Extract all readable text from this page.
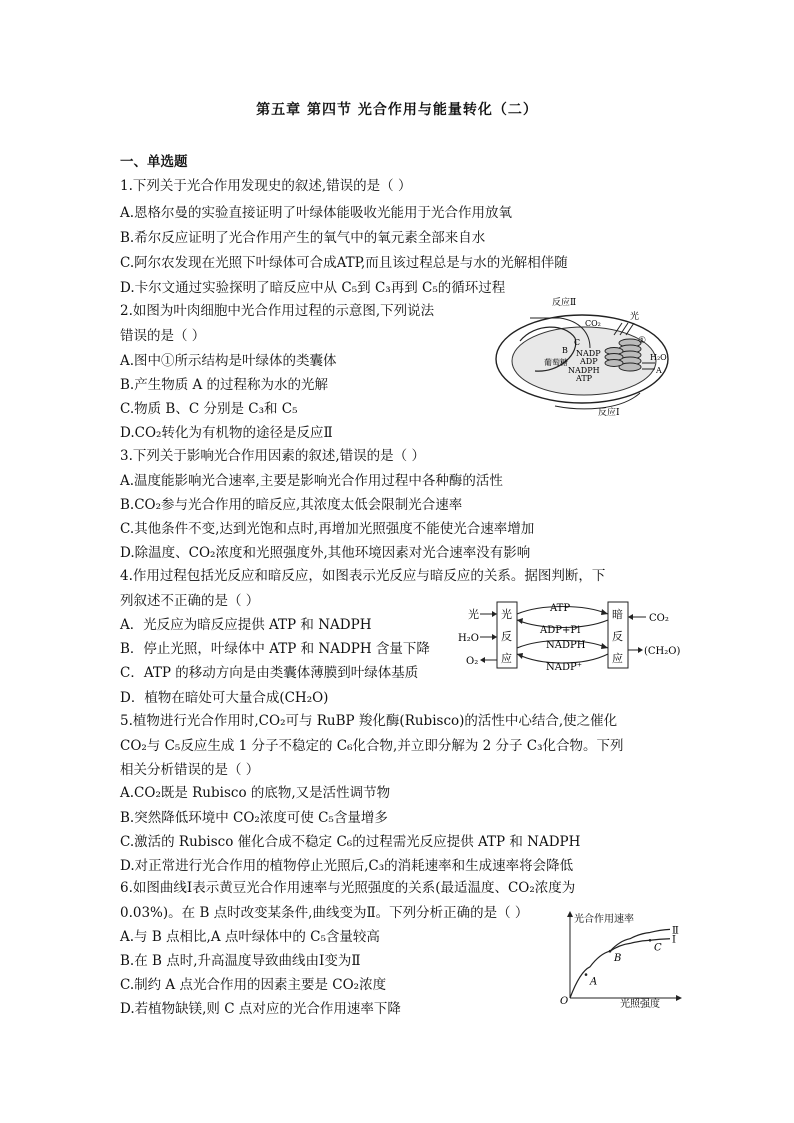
第五章 第四节 光合作用与能量转化（二）
一、单选题
1.下列关于光合作用发现史的叙述,错误的是（ ）
A.恩格尔曼的实验直接证明了叶绿体能吸收光能用于光合作用放氧
B.希尔反应证明了光合作用产生的氧气中的氧元素全部来自水
C.阿尔农发现在光照下叶绿体可合成ATP,而且该过程总是与水的光解相伴随
D.卡尔文通过实验探明了暗反应中从 C₅到 C₃再到 C₅的循环过程
2.如图为叶肉细胞中光合作用过程的示意图,下列说法
错误的是（ ）
A.图中①所示结构是叶绿体的类囊体
B.产生物质 A 的过程称为水的光解
C.物质 B、C 分别是 C₃和 C₅
D.CO₂转化为有机物的途径是反应Ⅱ
3.下列关于影响光合作用因素的叙述,错误的是（ ）
A.温度能影响光合速率,主要是影响光合作用过程中各种酶的活性
B.CO₂参与光合作用的暗反应,其浓度太低会限制光合速率
C.其他条件不变,达到光饱和点时,再增加光照强度不能使光合速率增加
D.除温度、CO₂浓度和光照强度外,其他环境因素对光合速率没有影响
4.作用过程包括光反应和暗反应，如图表示光反应与暗反应的关系。据图判断，下
列叙述不正确的是（ ）
A．光反应为暗反应提供 ATP 和 NADPH
B．停止光照，叶绿体中 ATP 和 NADPH 含量下降
C．ATP 的移动方向是由类囊体薄膜到叶绿体基质
D．植物在暗处可大量合成(CH₂O)
5.植物进行光合作用时,CO₂可与 RuBP 羧化酶(Rubisco)的活性中心结合,使之催化
CO₂与 C₅反应生成 1 分子不稳定的 C₆化合物,并立即分解为 2 分子 C₃化合物。下列
相关分析错误的是（ ）
A.CO₂既是 Rubisco 的底物,又是活性调节物
B.突然降低环境中 CO₂浓度可使 C₅含量增多
C.激活的 Rubisco 催化合成不稳定 C₆的过程需光反应提供 ATP 和 NADPH
D.对正常进行光合作用的植物停止光照后,C₃的消耗速率和生成速率将会降低
6.如图曲线Ⅰ表示黄豆光合作用速率与光照强度的关系(最适温度、CO₂浓度为
0.03%)。在 B 点时改变某条件,曲线变为Ⅱ。下列分析正确的是（ ）
A.与 B 点相比,A 点叶绿体中的 C₅含量较高
B.在 B 点时,升高温度导致曲线由Ⅰ变为Ⅱ
C.制约 A 点光合作用的因素主要是 CO₂浓度
D.若植物缺镁,则 C 点对应的光合作用速率下降
反应Ⅱ
CO₂
光
①
葡萄糖
B
C
NADP
ADP
NADPH
ATP
H₂O
A
反应Ⅰ
光
反
应
暗
反
应
光
H₂O
O₂
ATP
ADP+Pi
NADPH
NADP⁺
CO₂
(CH₂O)
光合作用速率
光照强度
O
Ⅰ
Ⅱ
A
B
C
